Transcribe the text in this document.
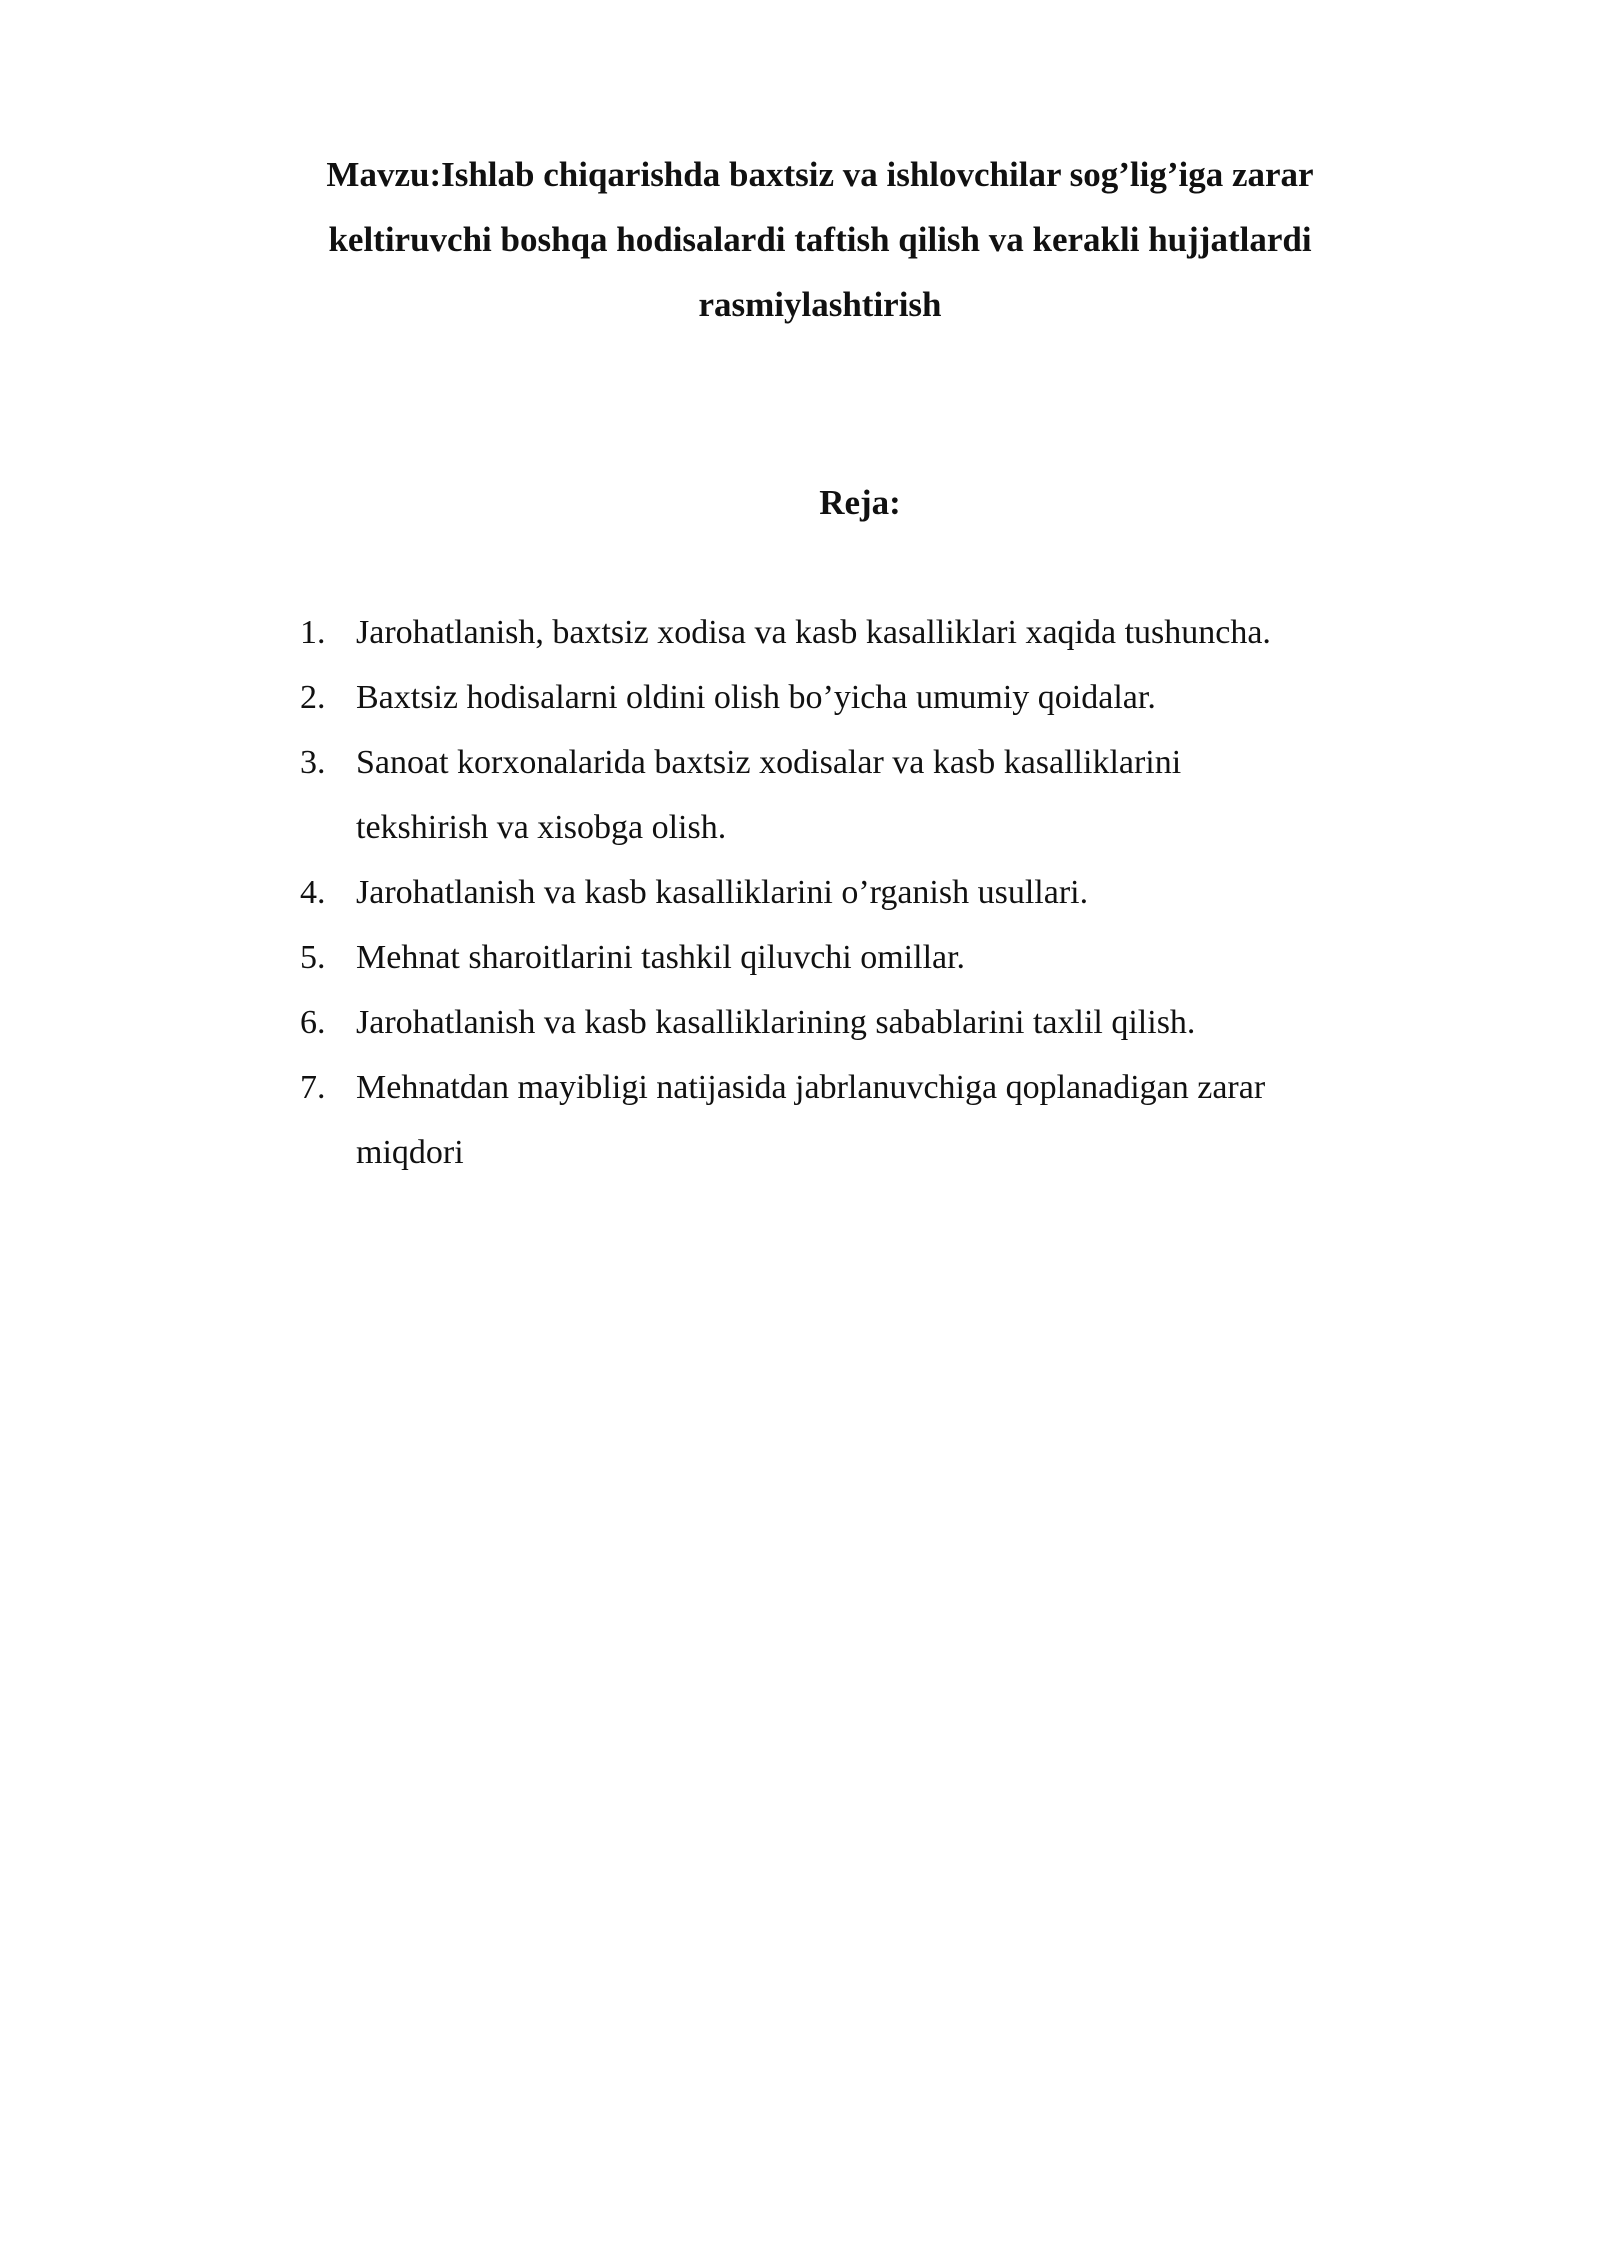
Mavzu:Ishlab chiqarishda baxtsiz va ishlovchilar sog’lig’iga zarar
keltiruvchi boshqa hodisalardi taftish qilish va kerakli hujjatlardi
rasmiylashtirish
Reja:
1. Jarohatlanish, baxtsiz xodisa va kasb kasalliklari xaqida tushuncha.
2. Baxtsiz hodisalarni oldini olish bo’yicha umumiy qoidalar.
3. Sanoat korxonalarida baxtsiz xodisalar va kasb kasalliklarini
tekshirish va xisobga olish.
4. Jarohatlanish va kasb kasalliklarini o’rganish usullari.
5. Mehnat sharoitlarini tashkil qiluvchi omillar.
6. Jarohatlanish va kasb kasalliklarining sabablarini taxlil qilish.
7. Mehnatdan mayibligi natijasida jabrlanuvchiga qoplanadigan zarar
miqdori
